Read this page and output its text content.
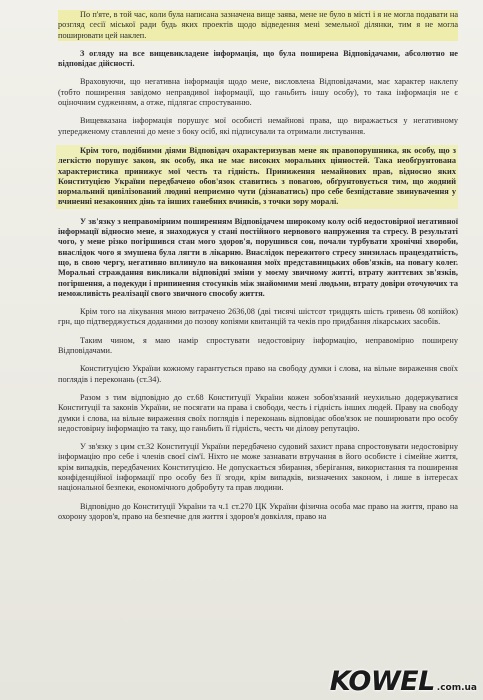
По п'яте, в той час, коли була написана зазначена вище заява, мене не було в місті і я не могла подавати на розгляд сесії міської ради будь яких проектів щодо відведення мені земельної ділянки, тим я не могла поширювати цей наклеп.

З огляду на все вищевикладене інформація, що була поширена Відповідачами, абсолютно не відповідає дійсності.

Враховуючи, що негативна інформація щодо мене, висловлена Відповідачами, має характер наклепу (тобто поширення завідомо неправдивої інформації, що ганьбить іншу особу), то така інформація не є оціночним судженням, а отже, підлягає спростуванню.

Вищевказана інформація порушує мої особисті немайнові права, що виражається у негативному упередженому ставленні до мене з боку осіб, які підписували та отримали листування.

Крім того, подібними діями Відповідач охарактеризував мене як правопорушника, як особу, що з легкістю порушує закон, як особу, яка не має високих моральних цінностей. Така необґрунтована характеристика принижує мої честь та гідність. Приниження немайнових прав, відносно яких Конституцією України передбачено обов'язок ставитись з повагою, обґрунтовується тим, що жодний нормальний цивілізований людині неприємно чути (дізнаватись) про себе безпідставне звинувачення у вчиненні незаконних дінь та інших ганебних вчинків, з точки зору моралі.

У зв'язку з неправомірним поширенням Відповідачем широкому колу осіб недостовірної негативної інформації відносно мене, я знаходжуся у стані постійного нервового напруження та стресу. В результаті чого, у мене різко погіршився стан мого здоров'я, порушився сон, почали турбувати хронічні хвороби, внаслідок чого я змушена була лягти в лікарню. Внаслідок пережитого стресу знизилась працездатність, що, в свою чергу, негативно вплинуло на виконання моїх представницьких обов'язків, на повагу колег. Моральні страждання викликали відповідні зміни у моєму звичному житті, втрату життєвих зв'язків, погіршення, а подекуди і припинення стосунків між знайомими мені людьми, втрату довіри оточуючих та неможливість реалізації свого звичного способу життя.

Крім того на лікування мною витрачено 2636,08 (дві тисячі шістсот тридцять шість гривень 08 копійок) грн, що підтверджується доданими до позову копіями квитанцій та чеків про придбання лікарських засобів.

Таким чином, я маю намір спростувати недостовірну інформацію, неправомірно поширену Відповідачами.

Конституцією України кожному гарантується право на свободу думки і слова, на вільне вираження своїх поглядів і переконань (ст.34).

Разом з тим відповідно до ст.68 Конституції України кожен зобов'язаний неухильно додержуватися Конституції та законів України, не посягати на права і свободи, честь і гідність інших людей. Праву на свободу думки і слова, на вільне вираження своїх поглядів і переконань відповідає обов'язок не поширювати про особу недостовірну інформацію та таку, що ганьбить її гідність, честь чи ділову репутацію.

У зв'язку з цим ст.32 Конституції України передбачено судовий захист права спростовувати недостовірну інформацію про себе і членів своєї сім'ї. Ніхто не може зазнавати втручання в його особисте і сімейне життя, крім випадків, передбачених Конституцією. Не допускається збирання, зберігання, використання та поширення конфіденційної інформації про особу без її згоди, крім випадків, визначених законом, і лише в інтересах національної безпеки, економічного добробуту та прав людини.

Відповідно до Конституції України та ч.1 ст.270 ЦК України фізична особа має право на життя, право на охорону здоров'я, право на безпечне для життя і здоров'я довкілля, право на

KOWEL .com.ua
